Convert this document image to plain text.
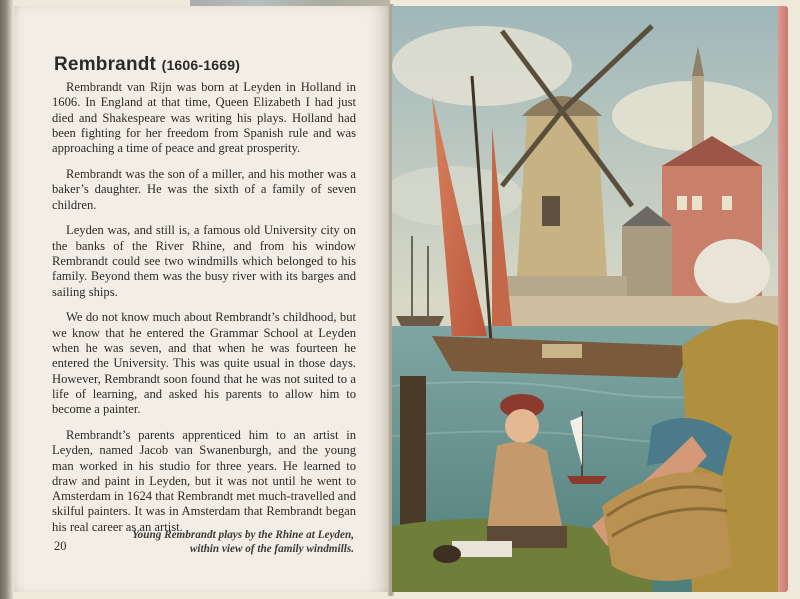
Rembrandt (1606-1669)

Rembrandt van Rijn was born at Leyden in Holland in 1606. In England at that time, Queen Elizabeth I had just died and Shakespeare was writing his plays. Holland had been fighting for her freedom from Spanish rule and was approaching a time of peace and great prosperity.

Rembrandt was the son of a miller, and his mother was a baker’s daughter. He was the sixth of a family of seven children.

Leyden was, and still is, a famous old University city on the banks of the River Rhine, and from his window Rembrandt could see two windmills which belonged to his family. Beyond them was the busy river with its barges and sailing ships.

We do not know much about Rembrandt’s childhood, but we know that he entered the Grammar School at Leyden when he was seven, and that when he was fourteen he entered the University. This was quite usual in those days. However, Rembrandt soon found that he was not suited to a life of learning, and asked his parents to allow him to become a painter.

Rembrandt’s parents apprenticed him to an artist in Leyden, named Jacob van Swanenburgh, and the young man worked in his studio for three years. He learned to draw and paint in Leyden, but it was not until he went to Amsterdam in 1624 that Rembrandt met much-travelled and skilful painters. It was in Amsterdam that Rembrandt began his real career as an artist.

20
Young Rembrandt plays by the Rhine at Leyden,
within view of the family windmills.
